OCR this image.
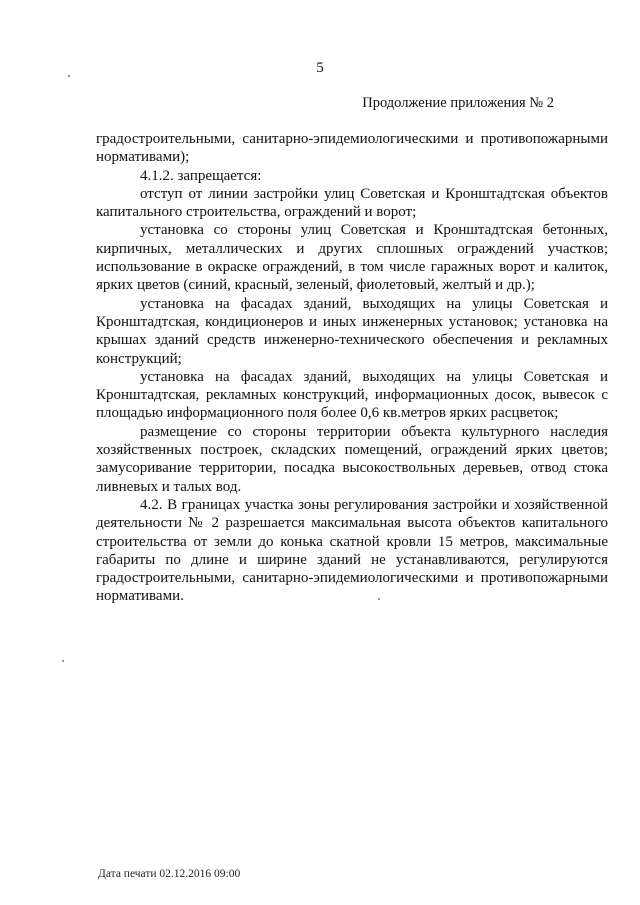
5
Продолжение приложения № 2

градостроительными, санитарно-эпидемиологическими и противопожарными нормативами);

4.1.2. запрещается:

отступ от линии застройки улиц Советская и Кронштадтская объектов капитального строительства, ограждений и ворот;

установка со стороны улиц Советская и Кронштадтская бетонных, кирпичных, металлических и других сплошных ограждений участков; использование в окраске ограждений, в том числе гаражных ворот и калиток, ярких цветов (синий, красный, зеленый, фиолетовый, желтый и др.);

установка на фасадах зданий, выходящих на улицы Советская и Кронштадтская, кондиционеров и иных инженерных установок; установка на крышах зданий средств инженерно-технического обеспечения и рекламных конструкций;

установка на фасадах зданий, выходящих на улицы Советская и Кронштадтская, рекламных конструкций, информационных досок, вывесок с площадью информационного поля более 0,6 кв.метров ярких расцветок;

размещение со стороны территории объекта культурного наследия хозяйственных построек, складских помещений, ограждений ярких цветов; замусоривание территории, посадка высокоствольных деревьев, отвод стока ливневых и талых вод.

4.2. В границах участка зоны регулирования застройки и хозяйственной деятельности № 2 разрешается максимальная высота объектов капитального строительства от земли до конька скатной кровли 15 метров, максимальные габариты по длине и ширине зданий не устанавливаются, регулируются градостроительными, санитарно-эпидемиологическими и противопожарными нормативами.

Дата печати 02.12.2016 09:00
